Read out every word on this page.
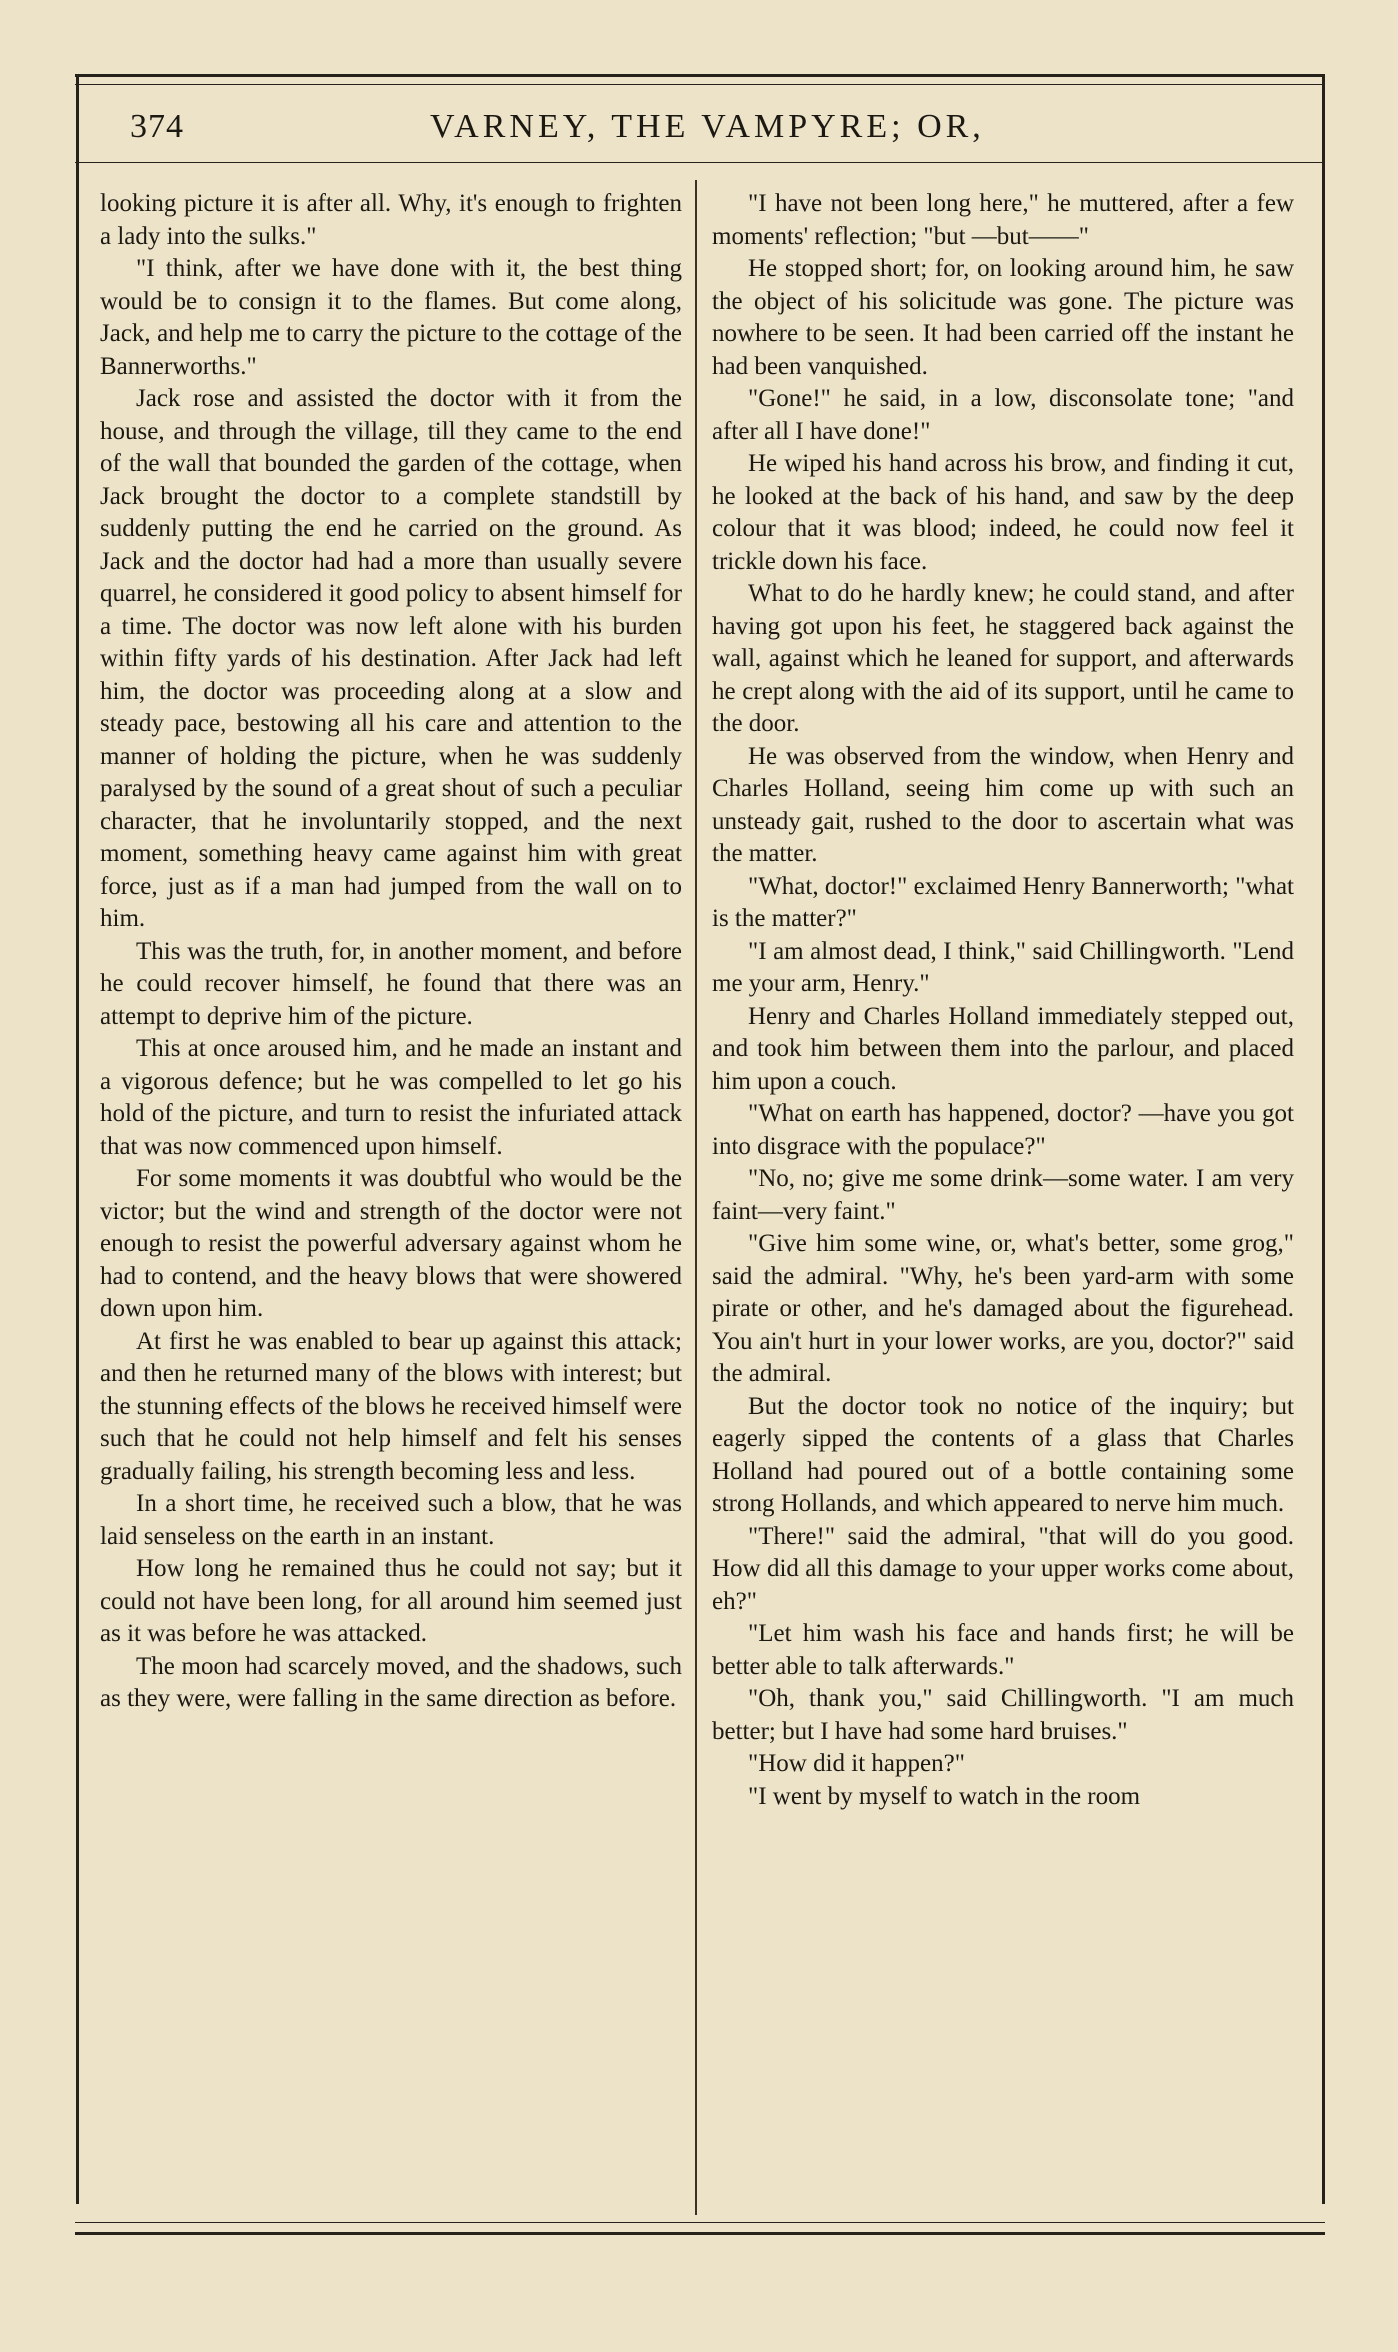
374	VARNEY, THE VAMPYRE; OR,

looking picture it is after all. Why, it's enough to frighten a lady into the sulks."

"I think, after we have done with it, the best thing would be to consign it to the flames. But come along, Jack, and help me to carry the picture to the cottage of the Bannerworths."

Jack rose and assisted the doctor with it from the house, and through the village, till they came to the end of the wall that bounded the garden of the cottage, when Jack brought the doctor to a complete standstill by suddenly putting the end he carried on the ground. As Jack and the doctor had had a more than usually severe quarrel, he considered it good policy to absent himself for a time. The doctor was now left alone with his burden within fifty yards of his destination. After Jack had left him, the doctor was proceeding along at a slow and steady pace, bestowing all his care and attention to the manner of holding the picture, when he was suddenly paralysed by the sound of a great shout of such a peculiar character, that he involuntarily stopped, and the next moment, something heavy came against him with great force, just as if a man had jumped from the wall on to him.

This was the truth, for, in another moment, and before he could recover himself, he found that there was an attempt to deprive him of the picture.

This at once aroused him, and he made an instant and a vigorous defence; but he was compelled to let go his hold of the picture, and turn to resist the infuriated attack that was now commenced upon himself.

For some moments it was doubtful who would be the victor; but the wind and strength of the doctor were not enough to resist the powerful adversary against whom he had to contend, and the heavy blows that were showered down upon him.

At first he was enabled to bear up against this attack; and then he returned many of the blows with interest; but the stunning effects of the blows he received himself were such that he could not help himself and felt his senses gradually failing, his strength becoming less and less.

In a short time, he received such a blow, that he was laid senseless on the earth in an instant.

How long he remained thus he could not say; but it could not have been long, for all around him seemed just as it was before he was attacked.

The moon had scarcely moved, and the shadows, such as they were, were falling in the same direction as before.

"I have not been long here," he muttered, after a few moments' reflection; "but —but——"

He stopped short; for, on looking around him, he saw the object of his solicitude was gone. The picture was nowhere to be seen. It had been carried off the instant he had been vanquished.

"Gone!" he said, in a low, disconsolate tone; "and after all I have done!"

He wiped his hand across his brow, and finding it cut, he looked at the back of his hand, and saw by the deep colour that it was blood; indeed, he could now feel it trickle down his face.

What to do he hardly knew; he could stand, and after having got upon his feet, he staggered back against the wall, against which he leaned for support, and afterwards he crept along with the aid of its support, until he came to the door.

He was observed from the window, when Henry and Charles Holland, seeing him come up with such an unsteady gait, rushed to the door to ascertain what was the matter.

"What, doctor!" exclaimed Henry Bannerworth; "what is the matter?"

"I am almost dead, I think," said Chillingworth. "Lend me your arm, Henry."

Henry and Charles Holland immediately stepped out, and took him between them into the parlour, and placed him upon a couch.

"What on earth has happened, doctor? —have you got into disgrace with the populace?"

"No, no; give me some drink—some water. I am very faint—very faint."

"Give him some wine, or, what's better, some grog," said the admiral. "Why, he's been yard-arm with some pirate or other, and he's damaged about the figurehead. You ain't hurt in your lower works, are you, doctor?" said the admiral.

But the doctor took no notice of the inquiry; but eagerly sipped the contents of a glass that Charles Holland had poured out of a bottle containing some strong Hollands, and which appeared to nerve him much.

"There!" said the admiral, "that will do you good. How did all this damage to your upper works come about, eh?"

"Let him wash his face and hands first; he will be better able to talk afterwards."

"Oh, thank you," said Chillingworth. "I am much better; but I have had some hard bruises."

"How did it happen?"

"I went by myself to watch in the room
